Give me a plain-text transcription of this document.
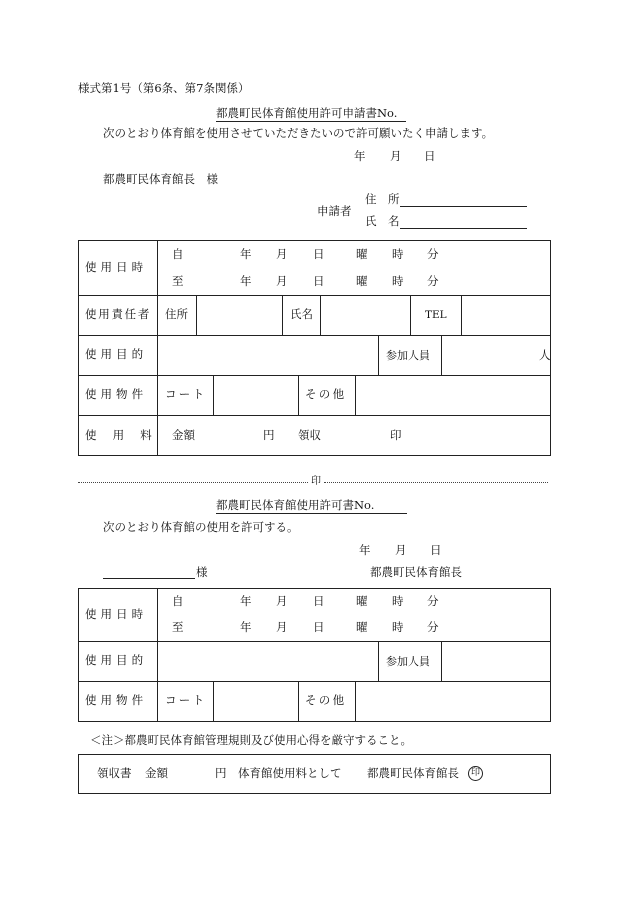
様式第1号（第6条、第7条関係）
都農町民体育館使用許可申請書No.
次のとおり体育館を使用させていただきたいので許可願いたく申請します。
年 月 日
都農町民体育館長　様
申請者
住　所
氏　名
使用日時
自	年 月 日	曜 時 分
至	年 月 日	曜 時 分
使用責任者 住所	氏名	TEL
使用目的	参加人員	人
使用物件 コート	その他
使用料 金額	円 領収	印
印
都農町民体育館使用許可書No.
次のとおり体育館の使用を許可する。
年 月 日
様	都農町民体育館長
使用日時
自	年 月 日	曜 時 分
至	年 月 日	曜 時 分
使用目的	参加人員
使用物件 コート	その他
＜注＞都農町民体育館管理規則及び使用心得を厳守すること。
領収書 金額	円 体育館使用料として 都農町民体育館長	印
